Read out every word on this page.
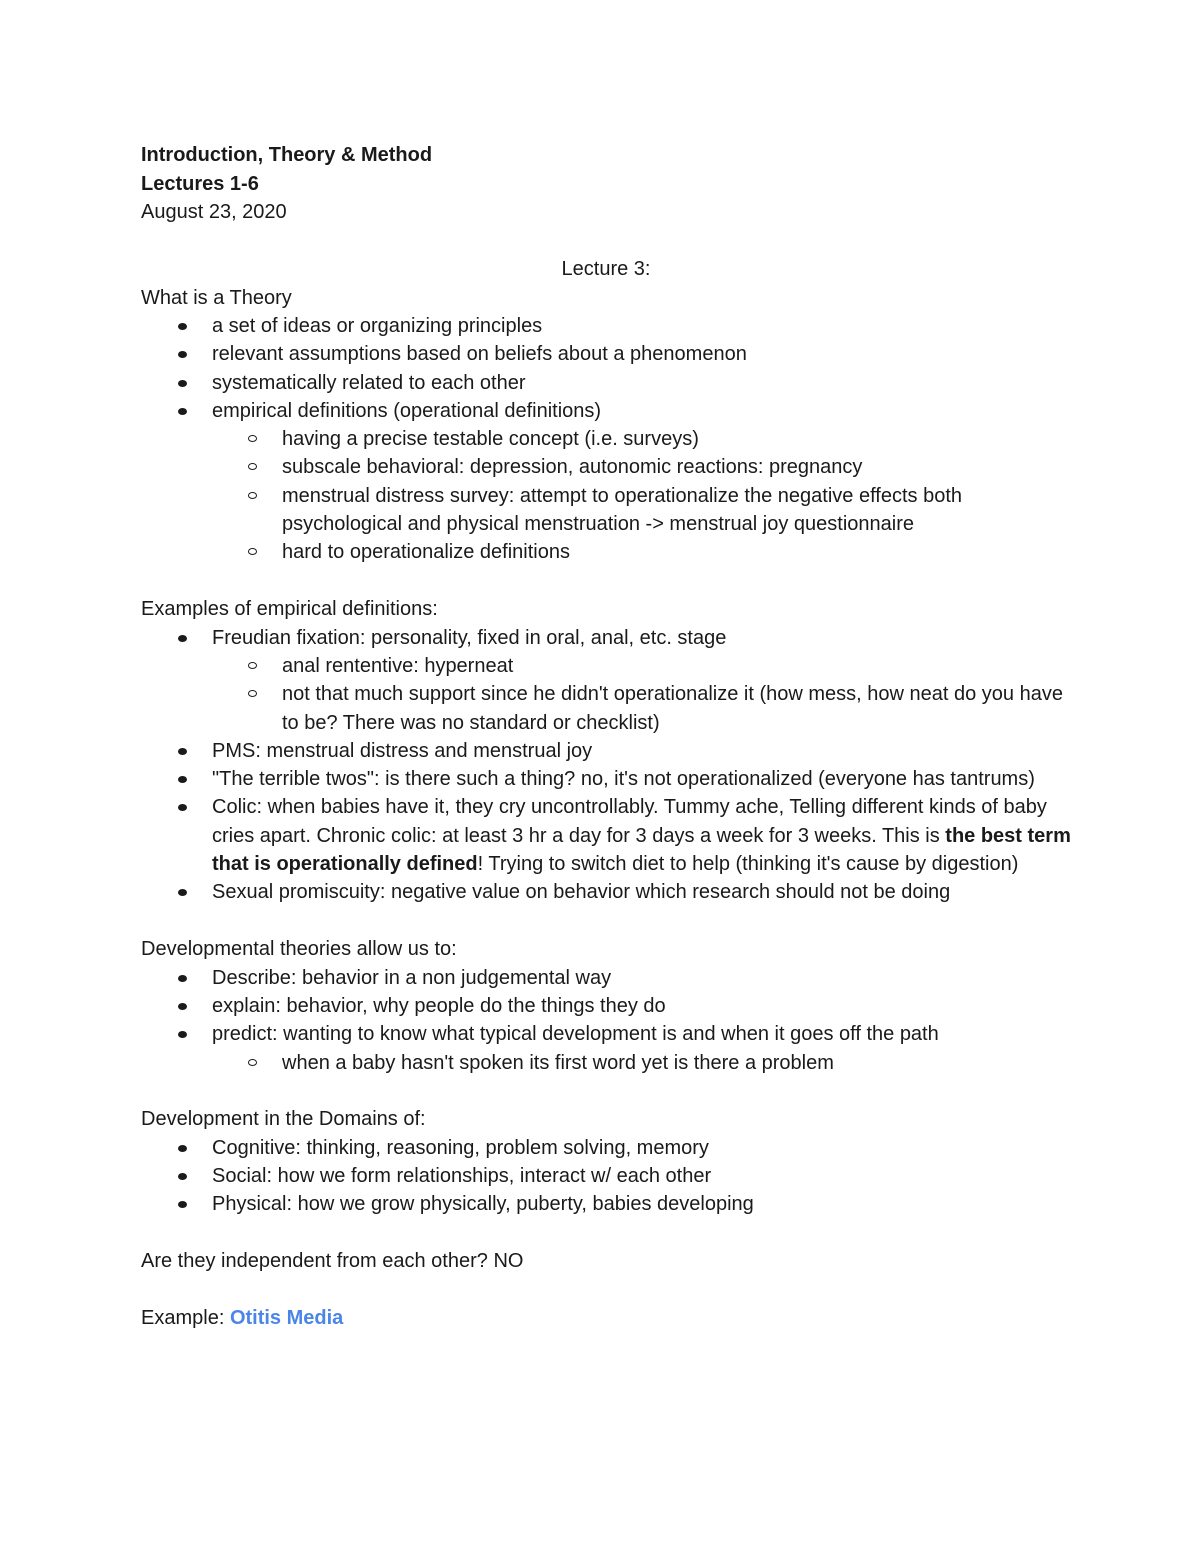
Introduction, Theory & Method
Lectures 1-6
August 23, 2020
Lecture 3:
What is a Theory
a set of ideas or organizing principles
relevant assumptions based on beliefs about a phenomenon
systematically related to each other
empirical definitions (operational definitions)
having a precise testable concept (i.e. surveys)
subscale behavioral: depression, autonomic reactions: pregnancy
menstrual distress survey: attempt to operationalize the negative effects both psychological and physical menstruation -> menstrual joy questionnaire
hard to operationalize definitions
Examples of empirical definitions:
Freudian fixation: personality, fixed in oral, anal, etc. stage
anal rententive: hyperneat
not that much support since he didn't operationalize it (how mess, how neat do you have to be? There was no standard or checklist)
PMS: menstrual distress and menstrual joy
"The terrible twos": is there such a thing? no, it's not operationalized (everyone has tantrums)
Colic: when babies have it, they cry uncontrollably. Tummy ache, Telling different kinds of baby cries apart. Chronic colic: at least 3 hr a day for 3 days a week for 3 weeks. This is the best term that is operationally defined! Trying to switch diet to help (thinking it's cause by digestion)
Sexual promiscuity: negative value on behavior which research should not be doing
Developmental theories allow us to:
Describe: behavior in a non judgemental way
explain: behavior, why people do the things they do
predict: wanting to know what typical development is and when it goes off the path
when a baby hasn't spoken its first word yet is there a problem
Development in the Domains of:
Cognitive: thinking, reasoning, problem solving, memory
Social: how we form relationships, interact w/ each other
Physical: how we grow physically, puberty, babies developing
Are they independent from each other? NO
Example: Otitis Media
